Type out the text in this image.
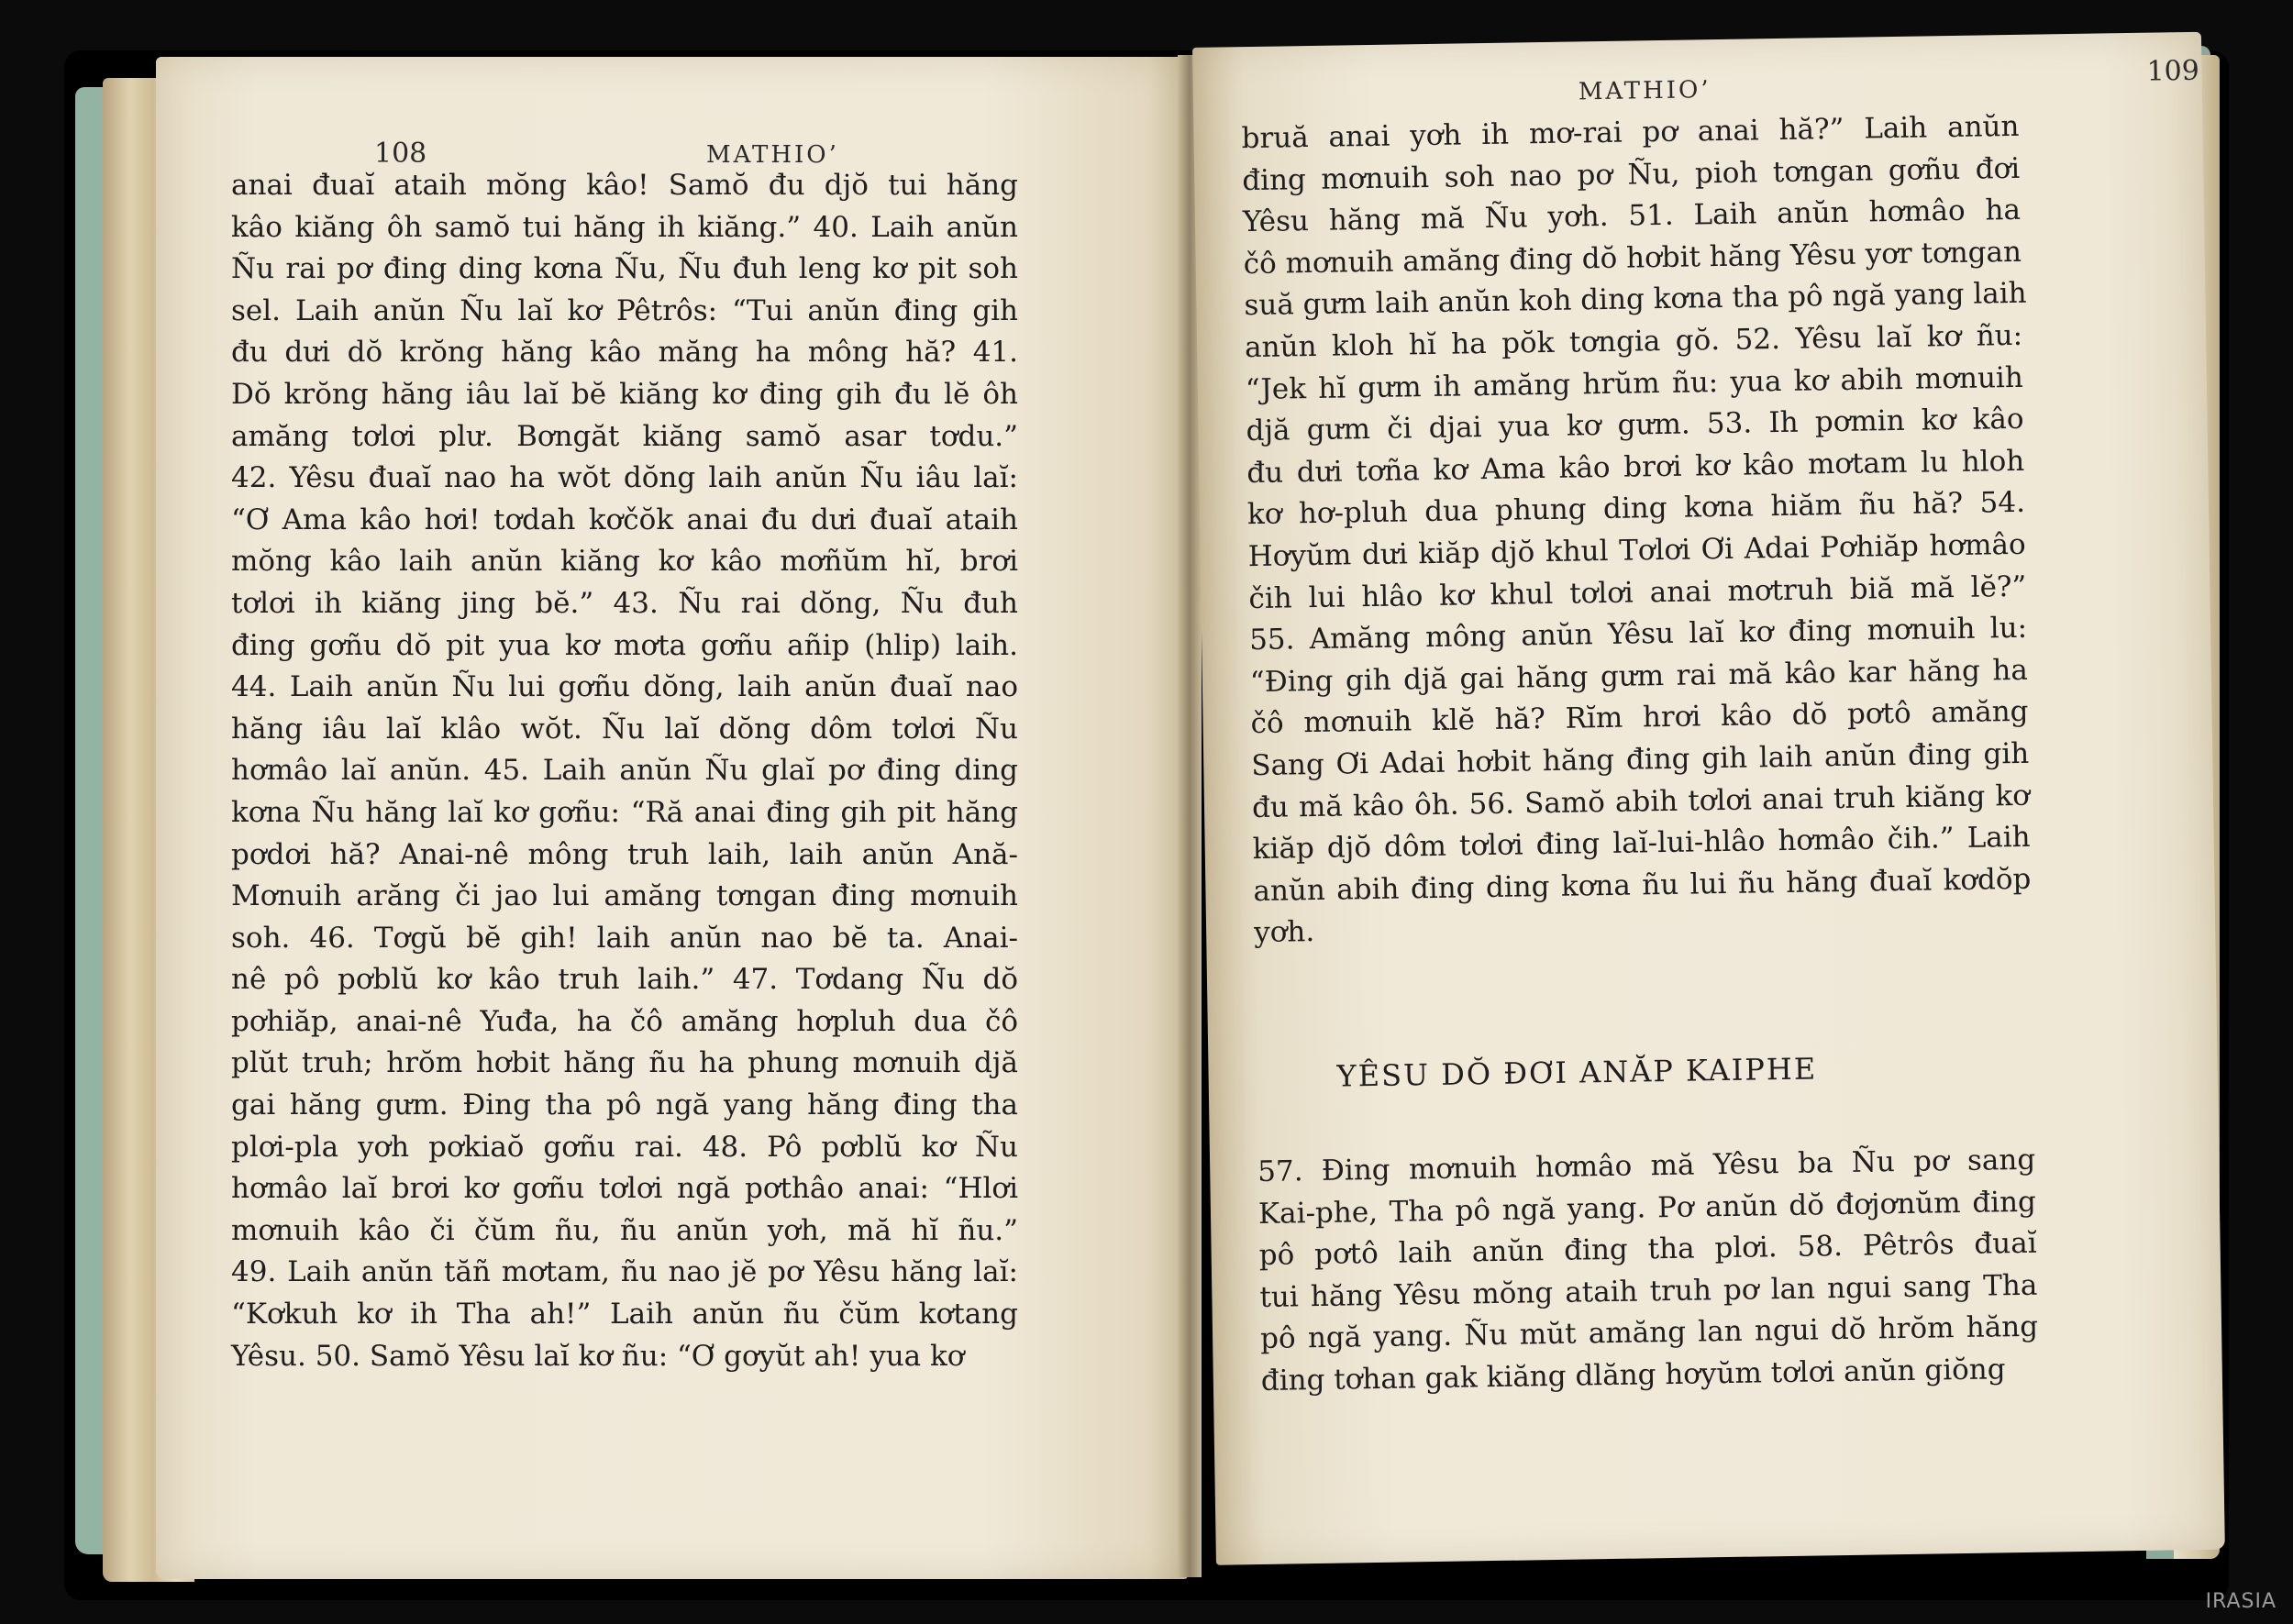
108	MATHIO’
anai đuaĭ ataih mŏng kâo! Samŏ đu djŏ tui hăng
kâo kiăng ôh samŏ tui hăng ih kiăng.” 40. Laih anŭn
Ñu rai pơ đing ding kơna Ñu, Ñu đuh leng kơ pit soh
sel. Laih anŭn Ñu laĭ kơ Pêtrôs: “Tui anŭn đing gih
đu dưi dŏ krŏng hăng kâo măng ha mông hă? 41.
Dŏ krŏng hăng iâu laĭ bĕ kiăng kơ đing gih đu lĕ ôh
amăng tơlơi plư. Bơngăt kiăng samŏ asar tơdu.”
42. Yêsu đuaĭ nao ha wŏt dŏng laih anŭn Ñu iâu laĭ:
“Ơ Ama kâo hơi! tơdah kơčŏk anai đu dưi đuaĭ ataih
mŏng kâo laih anŭn kiăng kơ kâo mơñŭm hĭ, brơi
tơlơi ih kiăng jing bĕ.” 43. Ñu rai dŏng, Ñu đuh
đing gơñu dŏ pit yua kơ mơta gơñu añip (hlip) laih.
44. Laih anŭn Ñu lui gơñu dŏng, laih anŭn đuaĭ nao
hăng iâu laĭ klâo wŏt. Ñu laĭ dŏng dôm tơlơi Ñu
hơmâo laĭ anŭn. 45. Laih anŭn Ñu glaĭ pơ đing ding
kơna Ñu hăng laĭ kơ gơñu: “Ră anai đing gih pit hăng
pơdơi hă? Anai-nê mông truh laih, laih anŭn Ană-
Mơnuih arăng či jao lui amăng tơngan đing mơnuih
soh. 46. Tơgŭ bĕ gih! laih anŭn nao bĕ ta. Anai-
nê pô pơblŭ kơ kâo truh laih.” 47. Tơdang Ñu dŏ
pơhiăp, anai-nê Yuđa, ha čô amăng hơpluh dua čô
plŭt truh; hrŏm hơbit hăng ñu ha phung mơnuih djă
gai hăng gưm. Đing tha pô ngă yang hăng đing tha
plơi-pla yơh pơkiaŏ gơñu rai. 48. Pô pơblŭ kơ Ñu
hơmâo laĭ brơi kơ gơñu tơlơi ngă pơthâo anai: “Hlơi
mơnuih kâo či čŭm ñu, ñu anŭn yơh, mă hĭ ñu.”
49. Laih anŭn tăñ mơtam, ñu nao jĕ pơ Yêsu hăng laĭ:
“Kơkuh kơ ih Tha ah!” Laih anŭn ñu čŭm kơtang
Yêsu. 50. Samŏ Yêsu laĭ kơ ñu: “Ơ gơyŭt ah! yua kơ
MATHIO’
109
bruă anai yơh ih mơ-rai pơ anai hă?” Laih anŭn
đing mơnuih soh nao pơ Ñu, pioh tơngan gơñu đơi
Yêsu hăng mă Ñu yơh. 51. Laih anŭn hơmâo ha
čô mơnuih amăng đing dŏ hơbit hăng Yêsu yơr tơngan
suă gưm laih anŭn koh ding kơna tha pô ngă yang laih
anŭn kloh hĭ ha pŏk tơngia gŏ. 52. Yêsu laĭ kơ ñu:
“Jek hĭ gưm ih amăng hrŭm ñu: yua kơ abih mơnuih
djă gưm či djai yua kơ gưm. 53. Ih pơmin kơ kâo
đu dưi tơña kơ Ama kâo brơi kơ kâo mơtam lu hloh
kơ hơ-pluh dua phung ding kơna hiăm ñu hă? 54.
Hơyŭm dưi kiăp djŏ khul Tơlơi Ơi Adai Pơhiăp hơmâo
čih lui hlâo kơ khul tơlơi anai mơtruh biă mă lĕ?”
55. Amăng mông anŭn Yêsu laĭ kơ đing mơnuih lu:
“Đing gih djă gai hăng gưm rai mă kâo kar hăng ha
čô mơnuih klĕ hă? Rĭm hrơi kâo dŏ pơtô amăng
Sang Ơi Adai hơbit hăng đing gih laih anŭn đing gih
đu mă kâo ôh. 56. Samŏ abih tơlơi anai truh kiăng kơ
kiăp djŏ dôm tơlơi đing laĭ-lui-hlâo hơmâo čih.” Laih
anŭn abih đing ding kơna ñu lui ñu hăng đuaĭ kơdŏp
yơh.
YÊSU DŎ ĐƠI ANĂP KAIPHE
57. Đing mơnuih hơmâo mă Yêsu ba Ñu pơ sang
Kai-phe, Tha pô ngă yang. Pơ anŭn dŏ đơjơnŭm đing
pô pơtô laih anŭn đing tha plơi. 58. Pêtrôs đuaĭ
tui hăng Yêsu mŏng ataih truh pơ lan ngui sang Tha
pô ngă yang. Ñu mŭt amăng lan ngui dŏ hrŏm hăng
đing tơhan gak kiăng dlăng hơyŭm tơlơi anŭn giŏng
IRASIA
